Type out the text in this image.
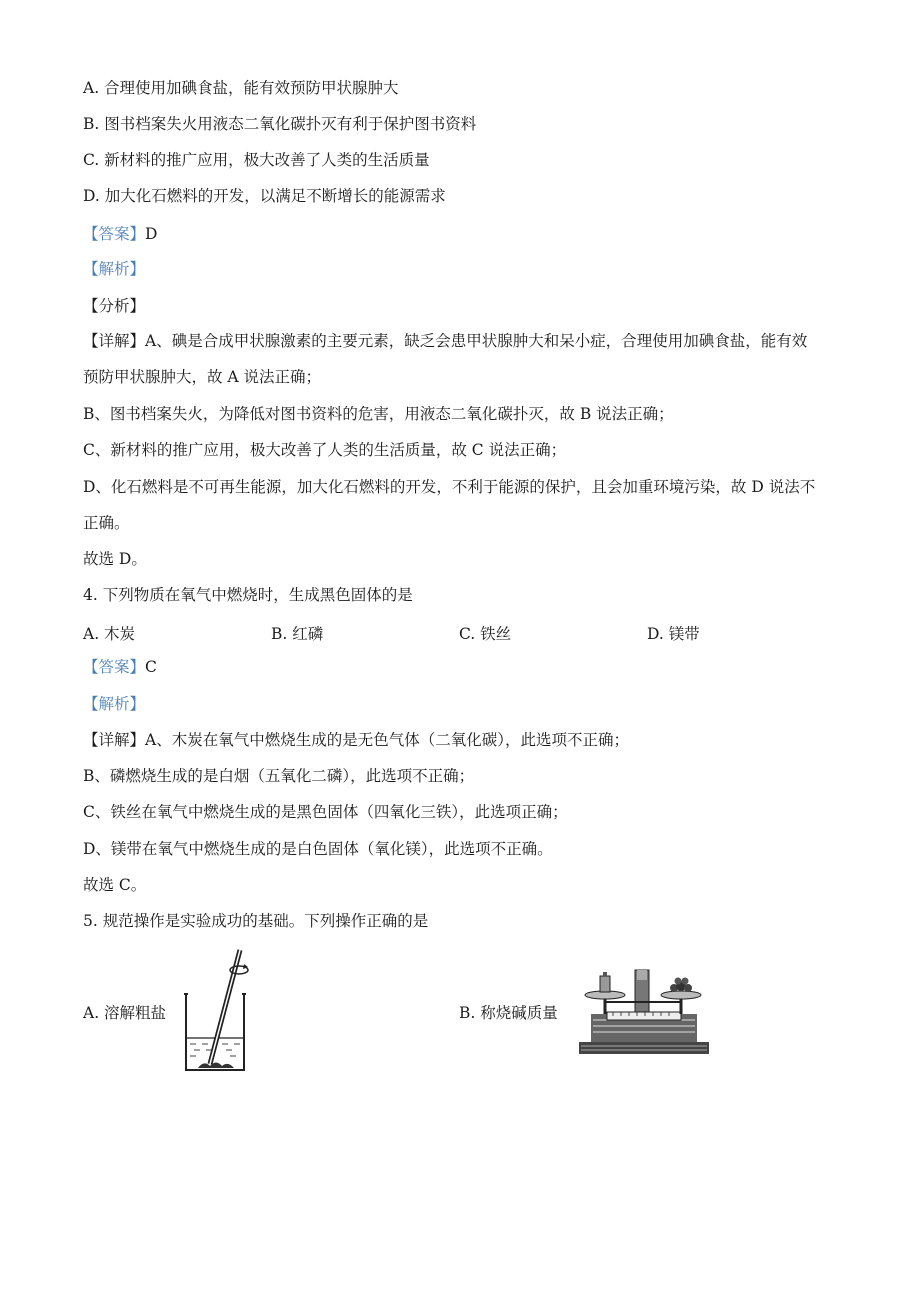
A. 合理使用加碘食盐，能有效预防甲状腺肿大
B. 图书档案失火用液态二氧化碳扑灭有利于保护图书资料
C. 新材料的推广应用，极大改善了人类的生活质量
D. 加大化石燃料的开发，以满足不断增长的能源需求
【答案】D
【解析】
【分析】
【详解】A、碘是合成甲状腺激素的主要元素，缺乏会患甲状腺肿大和呆小症，合理使用加碘食盐，能有效
预防甲状腺肿大，故 A 说法正确；
B、图书档案失火，为降低对图书资料的危害，用液态二氧化碳扑灭，故 B 说法正确；
C、新材料的推广应用，极大改善了人类的生活质量，故 C 说法正确；
D、化石燃料是不可再生能源，加大化石燃料的开发，不利于能源的保护，且会加重环境污染，故 D 说法不
正确。
故选 D。
4. 下列物质在氧气中燃烧时，生成黑色固体的是
A. 木炭	B. 红磷	C. 铁丝	D. 镁带
【答案】C
【解析】
【详解】A、木炭在氧气中燃烧生成的是无色气体（二氧化碳），此选项不正确；
B、磷燃烧生成的是白烟（五氧化二磷），此选项不正确；
C、铁丝在氧气中燃烧生成的是黑色固体（四氧化三铁），此选项正确；
D、镁带在氧气中燃烧生成的是白色固体（氧化镁），此选项不正确。
故选 C。
5. 规范操作是实验成功的基础。下列操作正确的是
A. 溶解粗盐	B. 称烧碱质量
